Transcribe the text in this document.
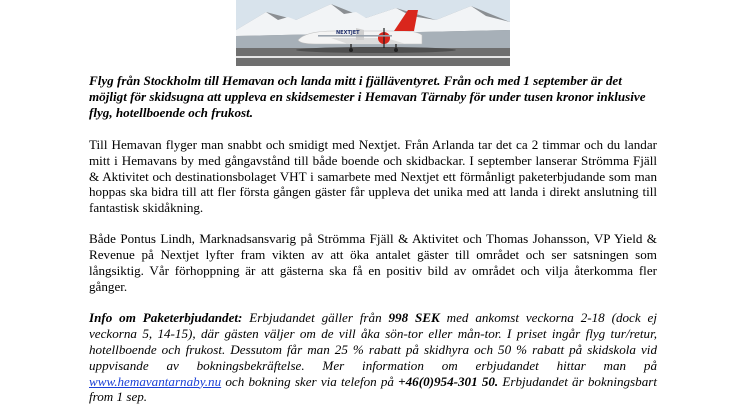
NEXTJET

Flyg från Stockholm till Hemavan och landa mitt i fjälläventyret. Från och med 1 september är det möjligt för skidsugna att uppleva en skidsemester i Hemavan Tärnaby för under tusen kronor inklusive flyg, hotellboende och frukost.

Till Hemavan flyger man snabbt och smidigt med Nextjet. Från Arlanda tar det ca 2 timmar och du landar mitt i Hemavans by med gångavstånd till både boende och skidbackar. I september lanserar Strömma Fjäll & Aktivitet och destinationsbolaget VHT i samarbete med Nextjet ett förmånligt paketerbjudande som man hoppas ska bidra till att fler första gången gäster får uppleva det unika med att landa i direkt anslutning till fantastisk skidåkning.

Både Pontus Lindh, Marknadsansvarig på Strömma Fjäll & Aktivitet och Thomas Johansson, VP Yield & Revenue på Nextjet lyfter fram vikten av att öka antalet gäster till området och ser satsningen som långsiktig. Vår förhoppning är att gästerna ska få en positiv bild av området och vilja återkomma fler gånger.

Info om Paketerbjudandet: Erbjudandet gäller från 998 SEK med ankomst veckorna 2-18 (dock ej veckorna 5, 14-15), där gästen väljer om de vill åka sön-tor eller mån-tor. I priset ingår flyg tur/retur, hotellboende och frukost. Dessutom får man 25 % rabatt på skidhyra och 50 % rabatt på skidskola vid uppvisande av bokningsbekräftelse. Mer information om erbjudandet hittar man på www.hemavantarnaby.nu och bokning sker via telefon på +46(0)954-301 50. Erbjudandet är bokningsbart from 1 sep.
